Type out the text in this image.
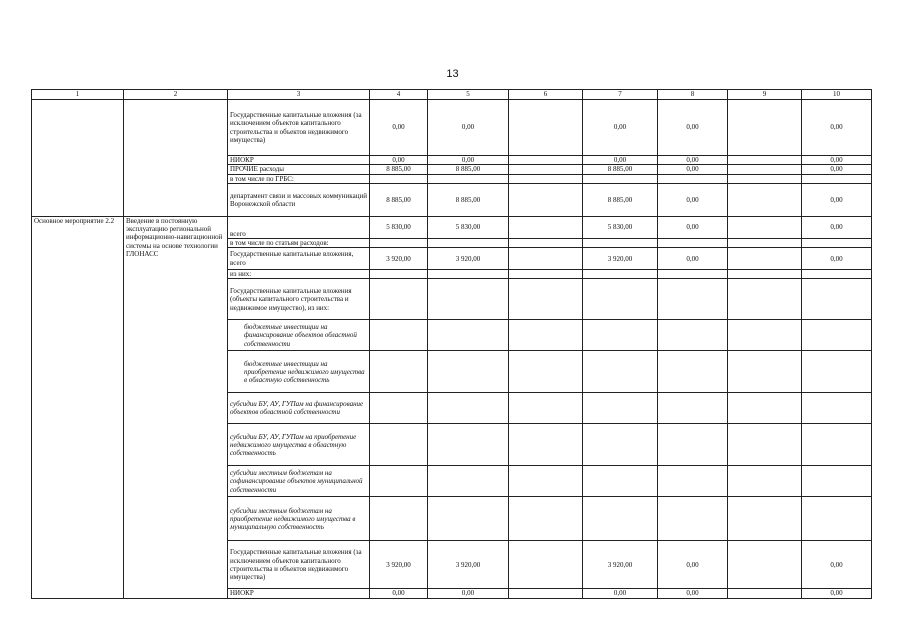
13
1	2	3	4	5	6	7	8	9	10
		Государственные капитальные вложения (за исключением объектов капитального строительства и объектов недвижимого имущества)	0,00	0,00		0,00	0,00		0,00
		НИОКР	0,00	0,00		0,00	0,00		0,00
		ПРОЧИЕ расходы	8 885,00	8 885,00		8 885,00	0,00		0,00
		в том числе по ГРБС:							
		департамент связи и массовых коммуникаций Воронежской области	8 885,00	8 885,00		8 885,00	0,00		0,00
Основное мероприятие 2.2	Введение в постоянную эксплуатацию региональной информационно-навигационной системы на основе технологии ГЛОНАСС	всего	5 830,00	5 830,00		5 830,00	0,00		0,00
		в том числе по статьям расходов:							
		Государственные капитальные вложения, всего	3 920,00	3 920,00		3 920,00	0,00		0,00
		из них:							
		Государственные капитальные вложения (объекты капитального строительства и недвижимое имущество), из них:							
		бюджетные инвестиции на финансирование объектов областной собственности							
		бюджетные инвестиции на приобретение недвижимого имущества в областную собственность							
		субсидии БУ, АУ, ГУПам на финансирование объектов областной собственности							
		субсидии БУ, АУ, ГУПам на приобретение недвижимого имущества в областную собственность							
		субсидии местным бюджетам на софинансирование объектов муниципальной собственности							
		субсидии местным бюджетам на приобретение недвижимого имущества в муниципальную собственность							
		Государственные капитальные вложения (за исключением объектов капитального строительства и объектов недвижимого имущества)	3 920,00	3 920,00		3 920,00	0,00		0,00
		НИОКР	0,00	0,00		0,00	0,00		0,00
